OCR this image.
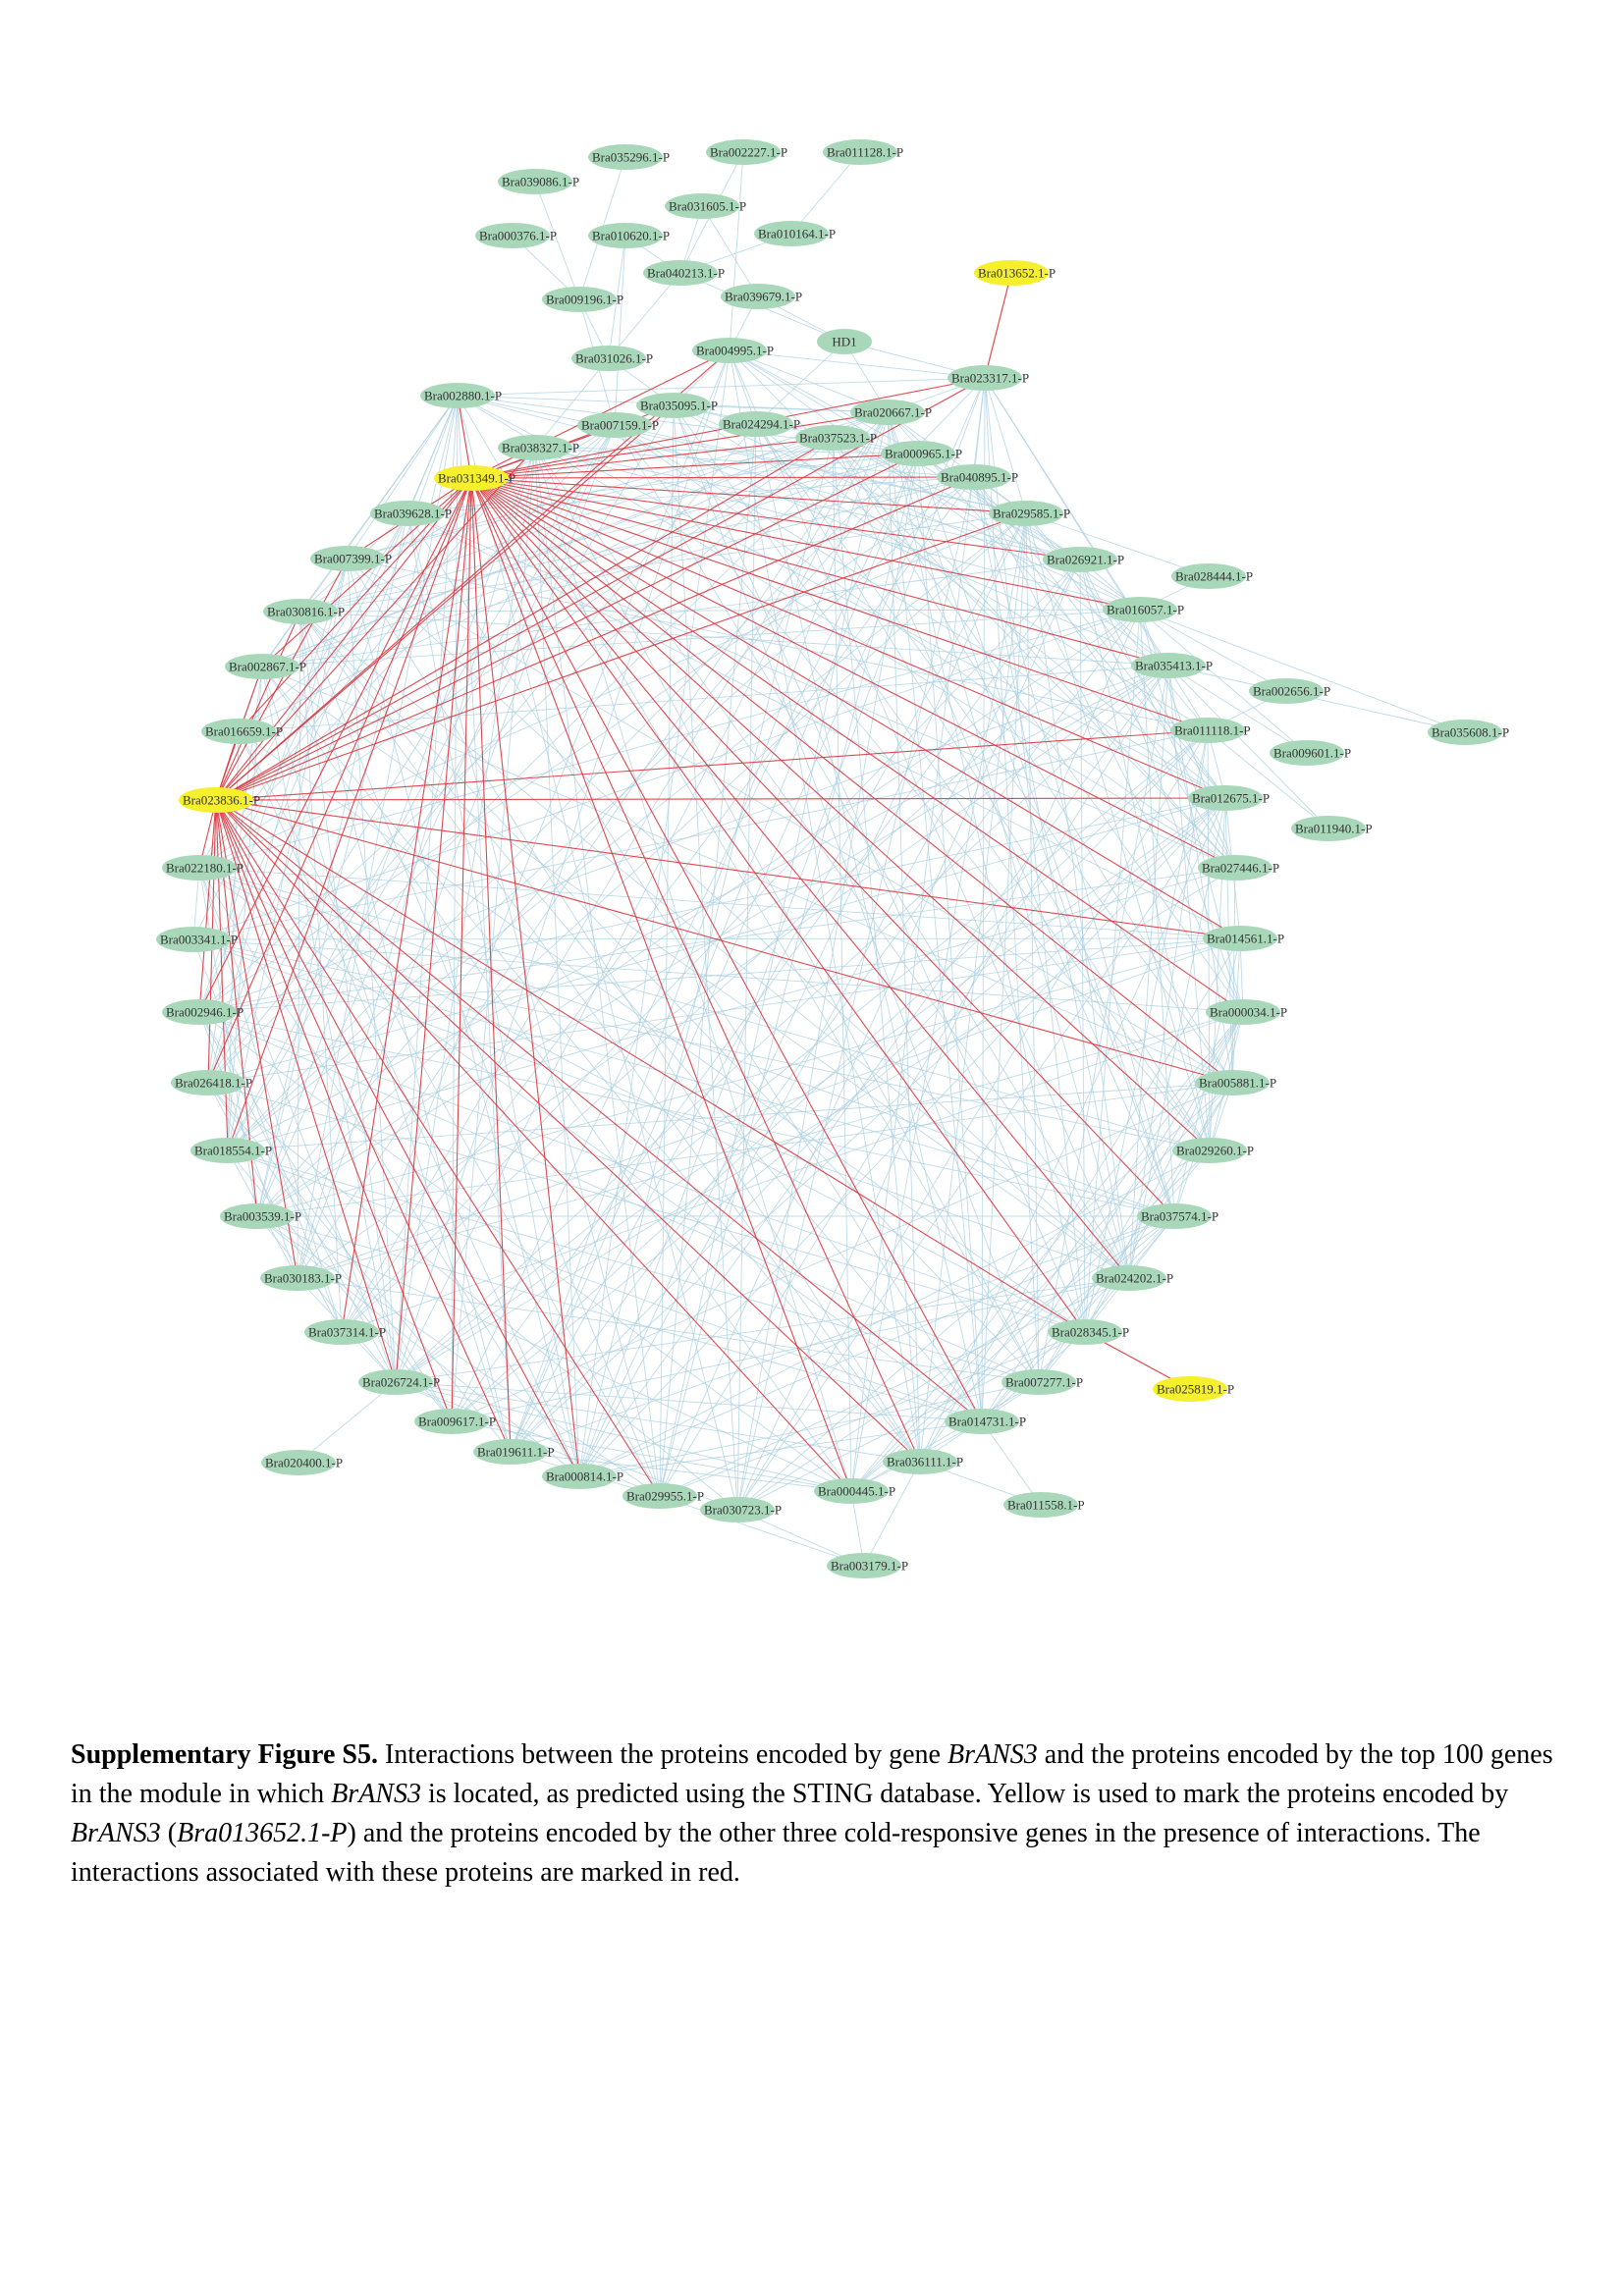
Bra035296.1-P	Bra002227.1-P	Bra011128.1-P
Bra039086.1-P
Bra031605.1-P
Bra000376.1-P	Bra010620.1-P	Bra010164.1-P
Bra040213.1-P	Bra013652.1-P
Bra009196.1-P	Bra039679.1-P
HD1
Bra031026.1-P
Bra004995.1-P
Bra023317.1-P
Bra002880.1-P
Bra035095.1-P	Bra020667.1-P
Bra007159.1-P	Bra024294.1-P
Bra037523.1-P
Bra038327.1-P	Bra000965.1-P
Bra031349.1-P	Bra040895.1-P
Bra039628.1-P	Bra029585.1-P
Bra007399.1-P	Bra026921.1-P
Bra028444.1-P
Bra030816.1-P	Bra016057.1-P
Bra002867.1-P	Bra035413.1-P
Bra002656.1-P
Bra016659.1-P	Bra011118.1-P	Bra035608.1-P
Bra009601.1-P
Bra023836.1-P	Bra012675.1-P
Bra011940.1-P
Bra022180.1-P	Bra027446.1-P
Bra003341.1-P	Bra014561.1-P
Bra002946.1-P	Bra000034.1-P
Bra026418.1-P	Bra005881.1-P
Bra018554.1-P	Bra029260.1-P
Bra003539.1-P	Bra037574.1-P
Bra030183.1-P	Bra024202.1-P
Bra037314.1-P	Bra028345.1-P
Bra026724.1-P	Bra007277.1-P	Bra025819.1-P
Bra009617.1-P	Bra014731.1-P
Bra020400.1-P
Bra019611.1-P
Bra036111.1-P
Bra000814.1-P
Bra029955.1-P	Bra000445.1-P
Bra011558.1-P
Bra030723.1-P
Bra003179.1-P
Supplementary Figure S5. Interactions between the proteins encoded by gene BrANS3 and the proteins encoded by the top 100 genes in the module in which BrANS3 is located, as predicted using the STING database. Yellow is used to mark the proteins encoded by BrANS3 (Bra013652.1-P) and the proteins encoded by the other three cold-responsive genes in the presence of interactions. The interactions associated with these proteins are marked in red.
